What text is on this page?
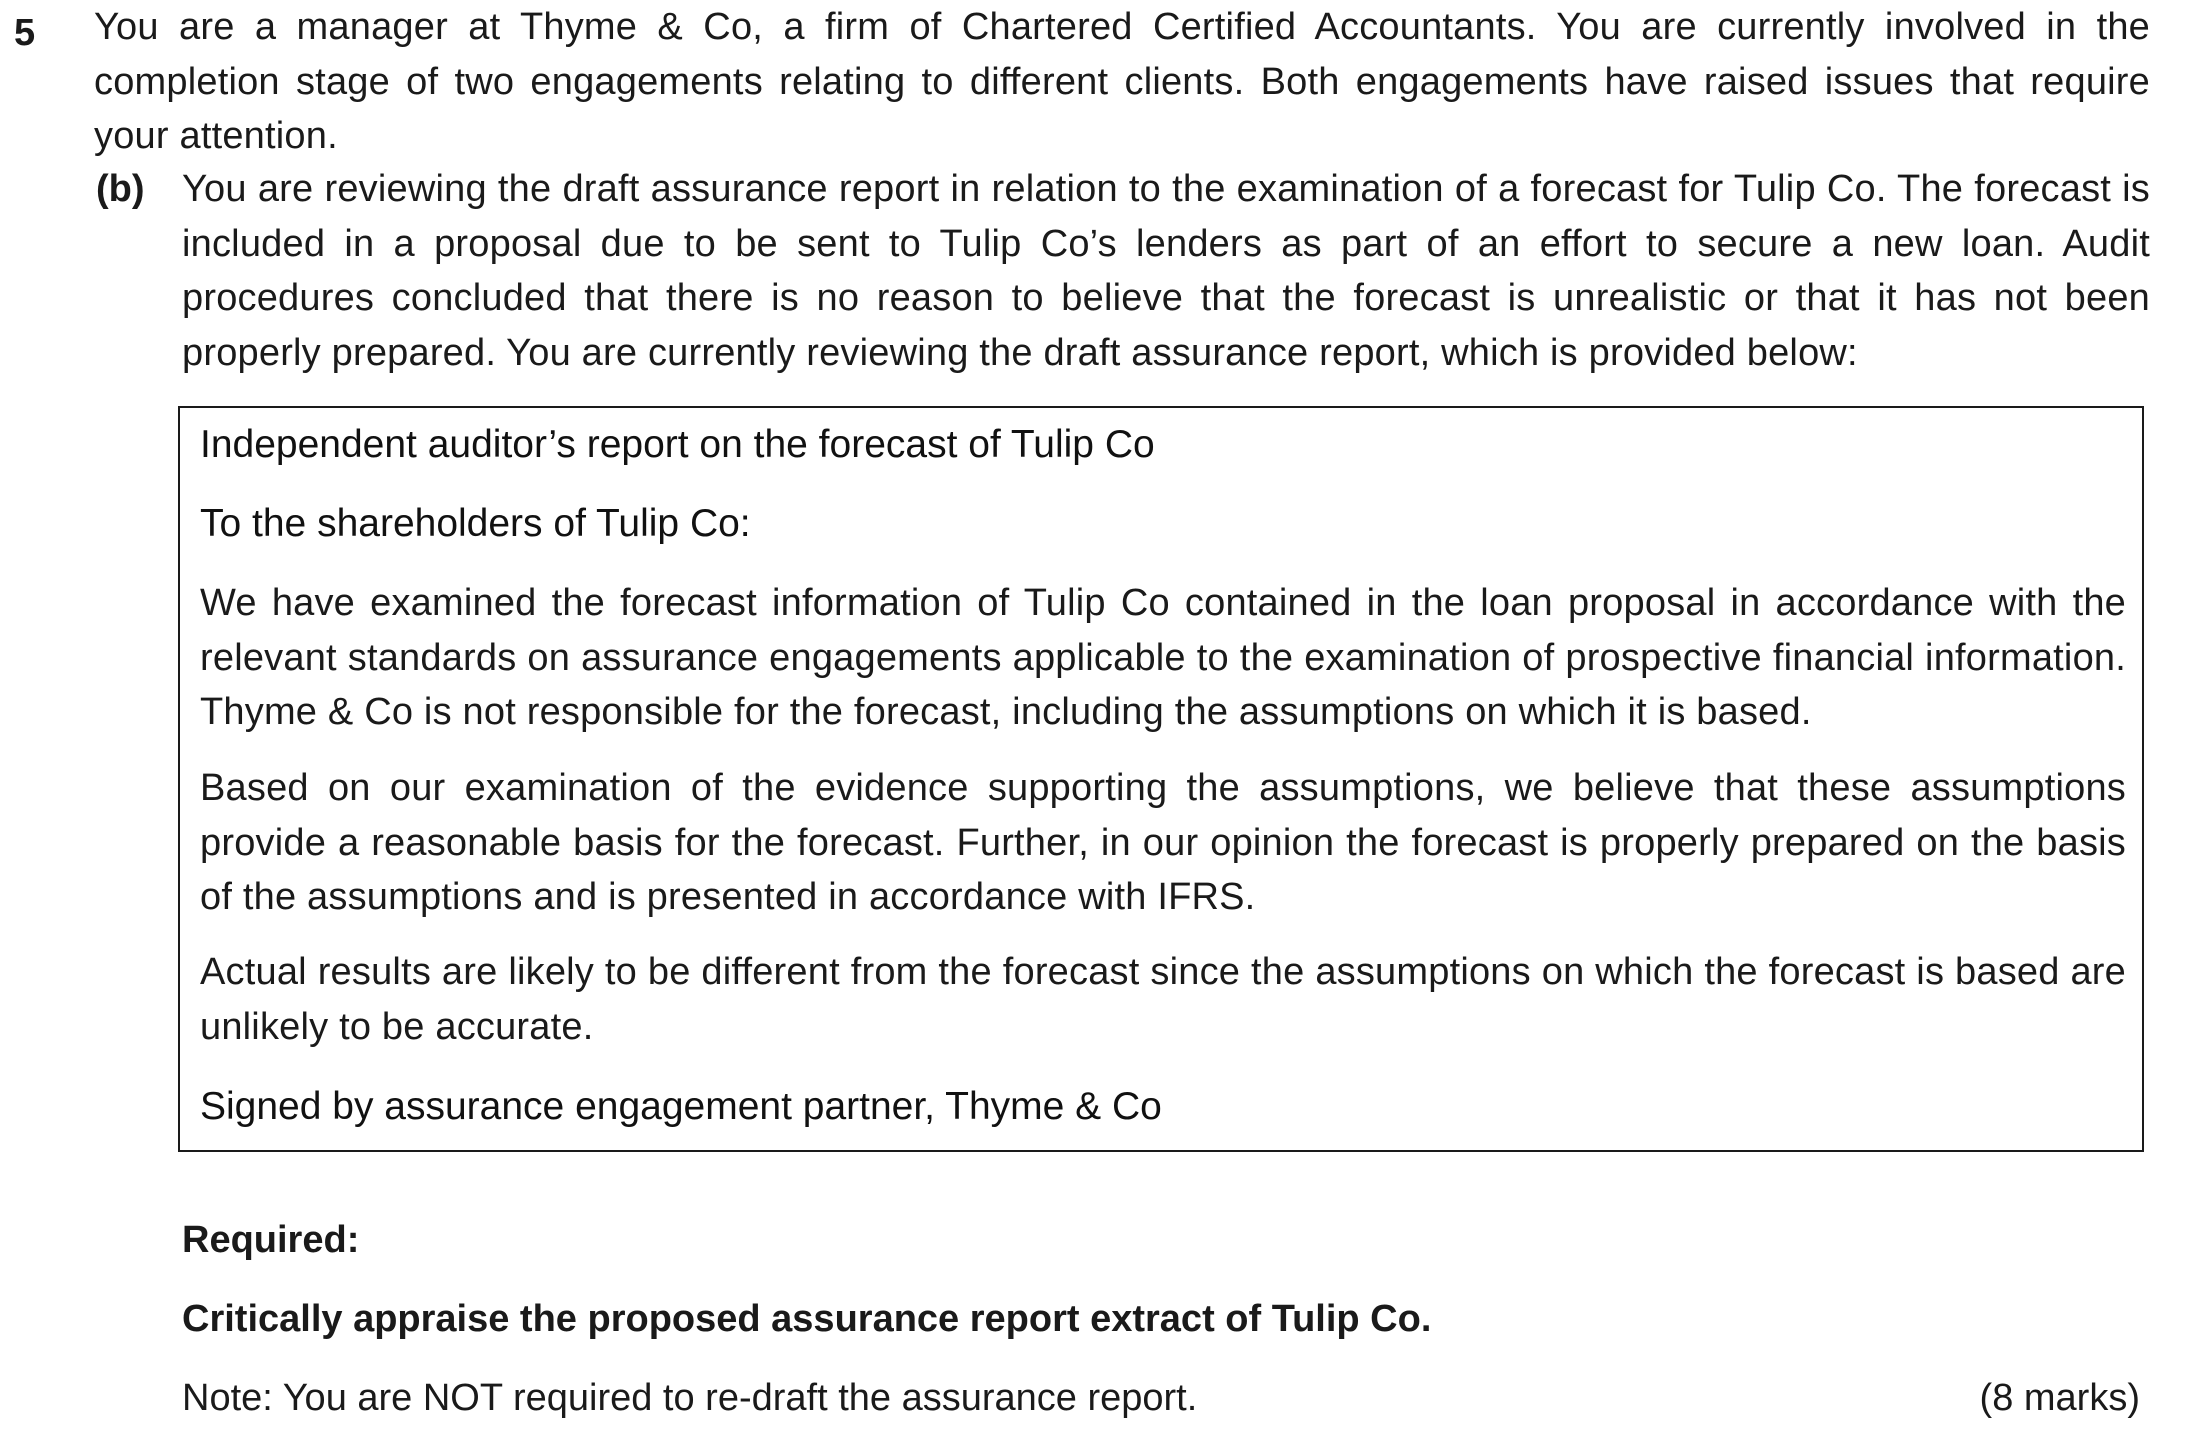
5 You are a manager at Thyme & Co, a firm of Chartered Certified Accountants. You are currently involved in the completion stage of two engagements relating to different clients. Both engagements have raised issues that require your attention.
(b) You are reviewing the draft assurance report in relation to the examination of a forecast for Tulip Co. The forecast is included in a proposal due to be sent to Tulip Co’s lenders as part of an effort to secure a new loan. Audit procedures concluded that there is no reason to believe that the forecast is unrealistic or that it has not been properly prepared. You are currently reviewing the draft assurance report, which is provided below:
Independent auditor’s report on the forecast of Tulip Co
To the shareholders of Tulip Co:
We have examined the forecast information of Tulip Co contained in the loan proposal in accordance with the relevant standards on assurance engagements applicable to the examination of prospective financial information. Thyme & Co is not responsible for the forecast, including the assumptions on which it is based.
Based on our examination of the evidence supporting the assumptions, we believe that these assumptions provide a reasonable basis for the forecast. Further, in our opinion the forecast is properly prepared on the basis of the assumptions and is presented in accordance with IFRS.
Actual results are likely to be different from the forecast since the assumptions on which the forecast is based are unlikely to be accurate.
Signed by assurance engagement partner, Thyme & Co
Required:
Critically appraise the proposed assurance report extract of Tulip Co.
Note: You are NOT required to re-draft the assurance report.	(8 marks)
